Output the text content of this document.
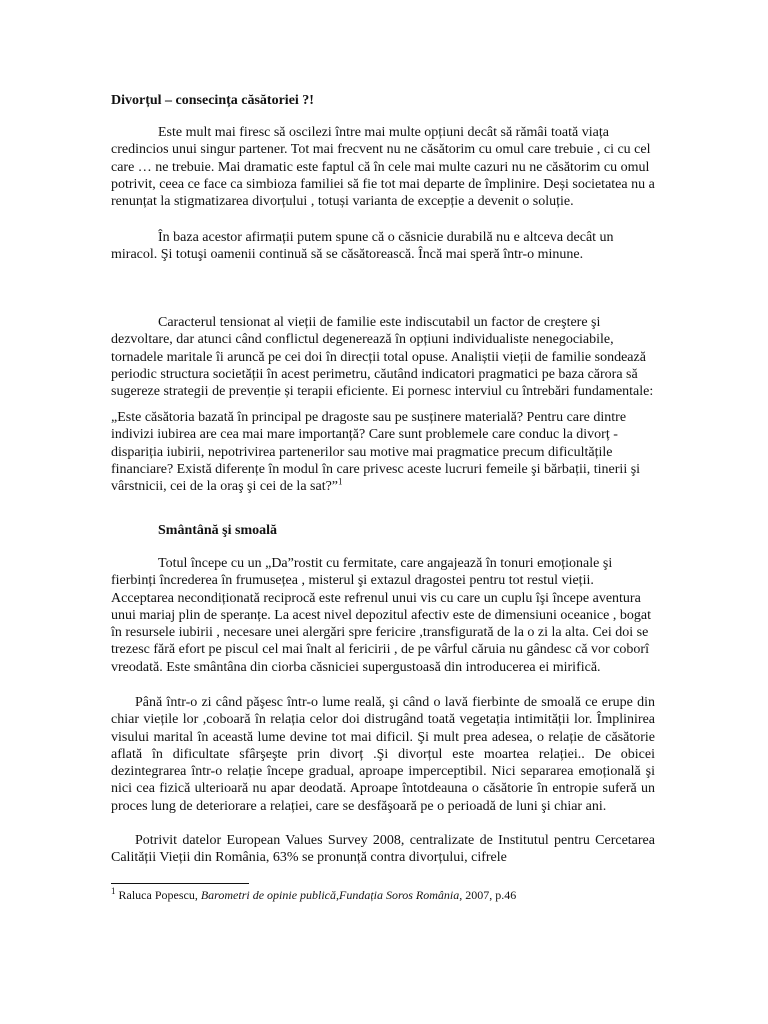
Divorțul – consecința căsătoriei ?!

Este mult mai firesc să oscilezi între mai multe opțiuni decât să rămâi toată viața credincios unui singur partener. Tot mai frecvent nu ne căsătorim cu omul care trebuie , ci cu cel care … ne trebuie. Mai dramatic este faptul că în cele mai multe cazuri nu ne căsătorim cu omul potrivit, ceea ce face ca simbioza familiei să fie tot mai departe de împlinire. Deși societatea nu a renunțat la stigmatizarea divorțului , totuși varianta de excepție a devenit o soluție.

În baza acestor afirmații putem spune că o căsnicie durabilă nu e altceva decât un miracol. Şi totuşi oamenii continuă să se căsătorească. Încă mai speră într-o minune.

Caracterul tensionat al vieții de familie este indiscutabil un factor de creştere şi dezvoltare, dar atunci când conflictul degenerează în opțiuni individualiste nenegociabile, tornadele maritale îi aruncă pe cei doi în direcții total opuse. Analiștii vieții de familie sondează periodic structura societății în acest perimetru, căutând indicatori pragmatici pe baza cărora să sugereze strategii de prevenție și terapii eficiente. Ei pornesc interviul cu întrebări fundamentale:

„Este căsătoria bazată în principal pe dragoste sau pe susținere materială? Pentru care dintre indivizi iubirea are cea mai mare importanță? Care sunt problemele care conduc la divorț - dispariția iubirii, nepotrivirea partenerilor sau motive mai pragmatice precum dificultățile financiare? Există diferențe în modul în care privesc aceste lucruri femeile şi bărbații, tinerii şi vârstnicii, cei de la oraş şi cei de la sat?”$^1$

Smântână şi smoală

Totul începe cu un „Da”rostit cu fermitate, care angajează în tonuri emoționale şi fierbinți încrederea în frumusețea , misterul şi extazul dragostei pentru tot restul vieții. Acceptarea necondiționată reciprocă este refrenul unui vis cu care un cuplu îşi începe aventura unui mariaj plin de speranțe. La acest nivel depozitul afectiv este de dimensiuni oceanice , bogat în resursele iubirii , necesare unei alergări spre fericire ,transfigurată de la o zi la alta. Cei doi se trezesc fără efort pe piscul cel mai înalt al fericirii , de pe vârful căruia nu gândesc că vor coborî vreodată. Este smântâna din ciorba căsniciei supergustoasă din introducerea ei mirifică.

Până într-o zi când păşesc într-o lume reală, şi când o lavă fierbinte de smoală ce erupe din chiar viețile lor ,coboară în relația celor doi distrugând toată vegetația intimității lor. Împlinirea visului marital în această lume devine tot mai dificil. Şi mult prea adesea, o relație de căsătorie aflată în dificultate sfârşeşte prin divorț .Şi divorțul este moartea relației.. De obicei dezintegrarea într-o relație începe gradual, aproape imperceptibil. Nici separarea emoțională şi nici cea fizică ulterioară nu apar deodată. Aproape întotdeauna o căsătorie în entropie suferă un proces lung de deteriorare a relației, care se desfăşoară pe o perioadă de luni şi chiar ani.

Potrivit datelor European Values Survey 2008, centralizate de Institutul pentru Cercetarea Calității Vieții din România, 63% se pronunță contra divorțului, cifrele

$^1$ Raluca Popescu, Barometri de opinie publică,Fundația Soros România, 2007, p.46
